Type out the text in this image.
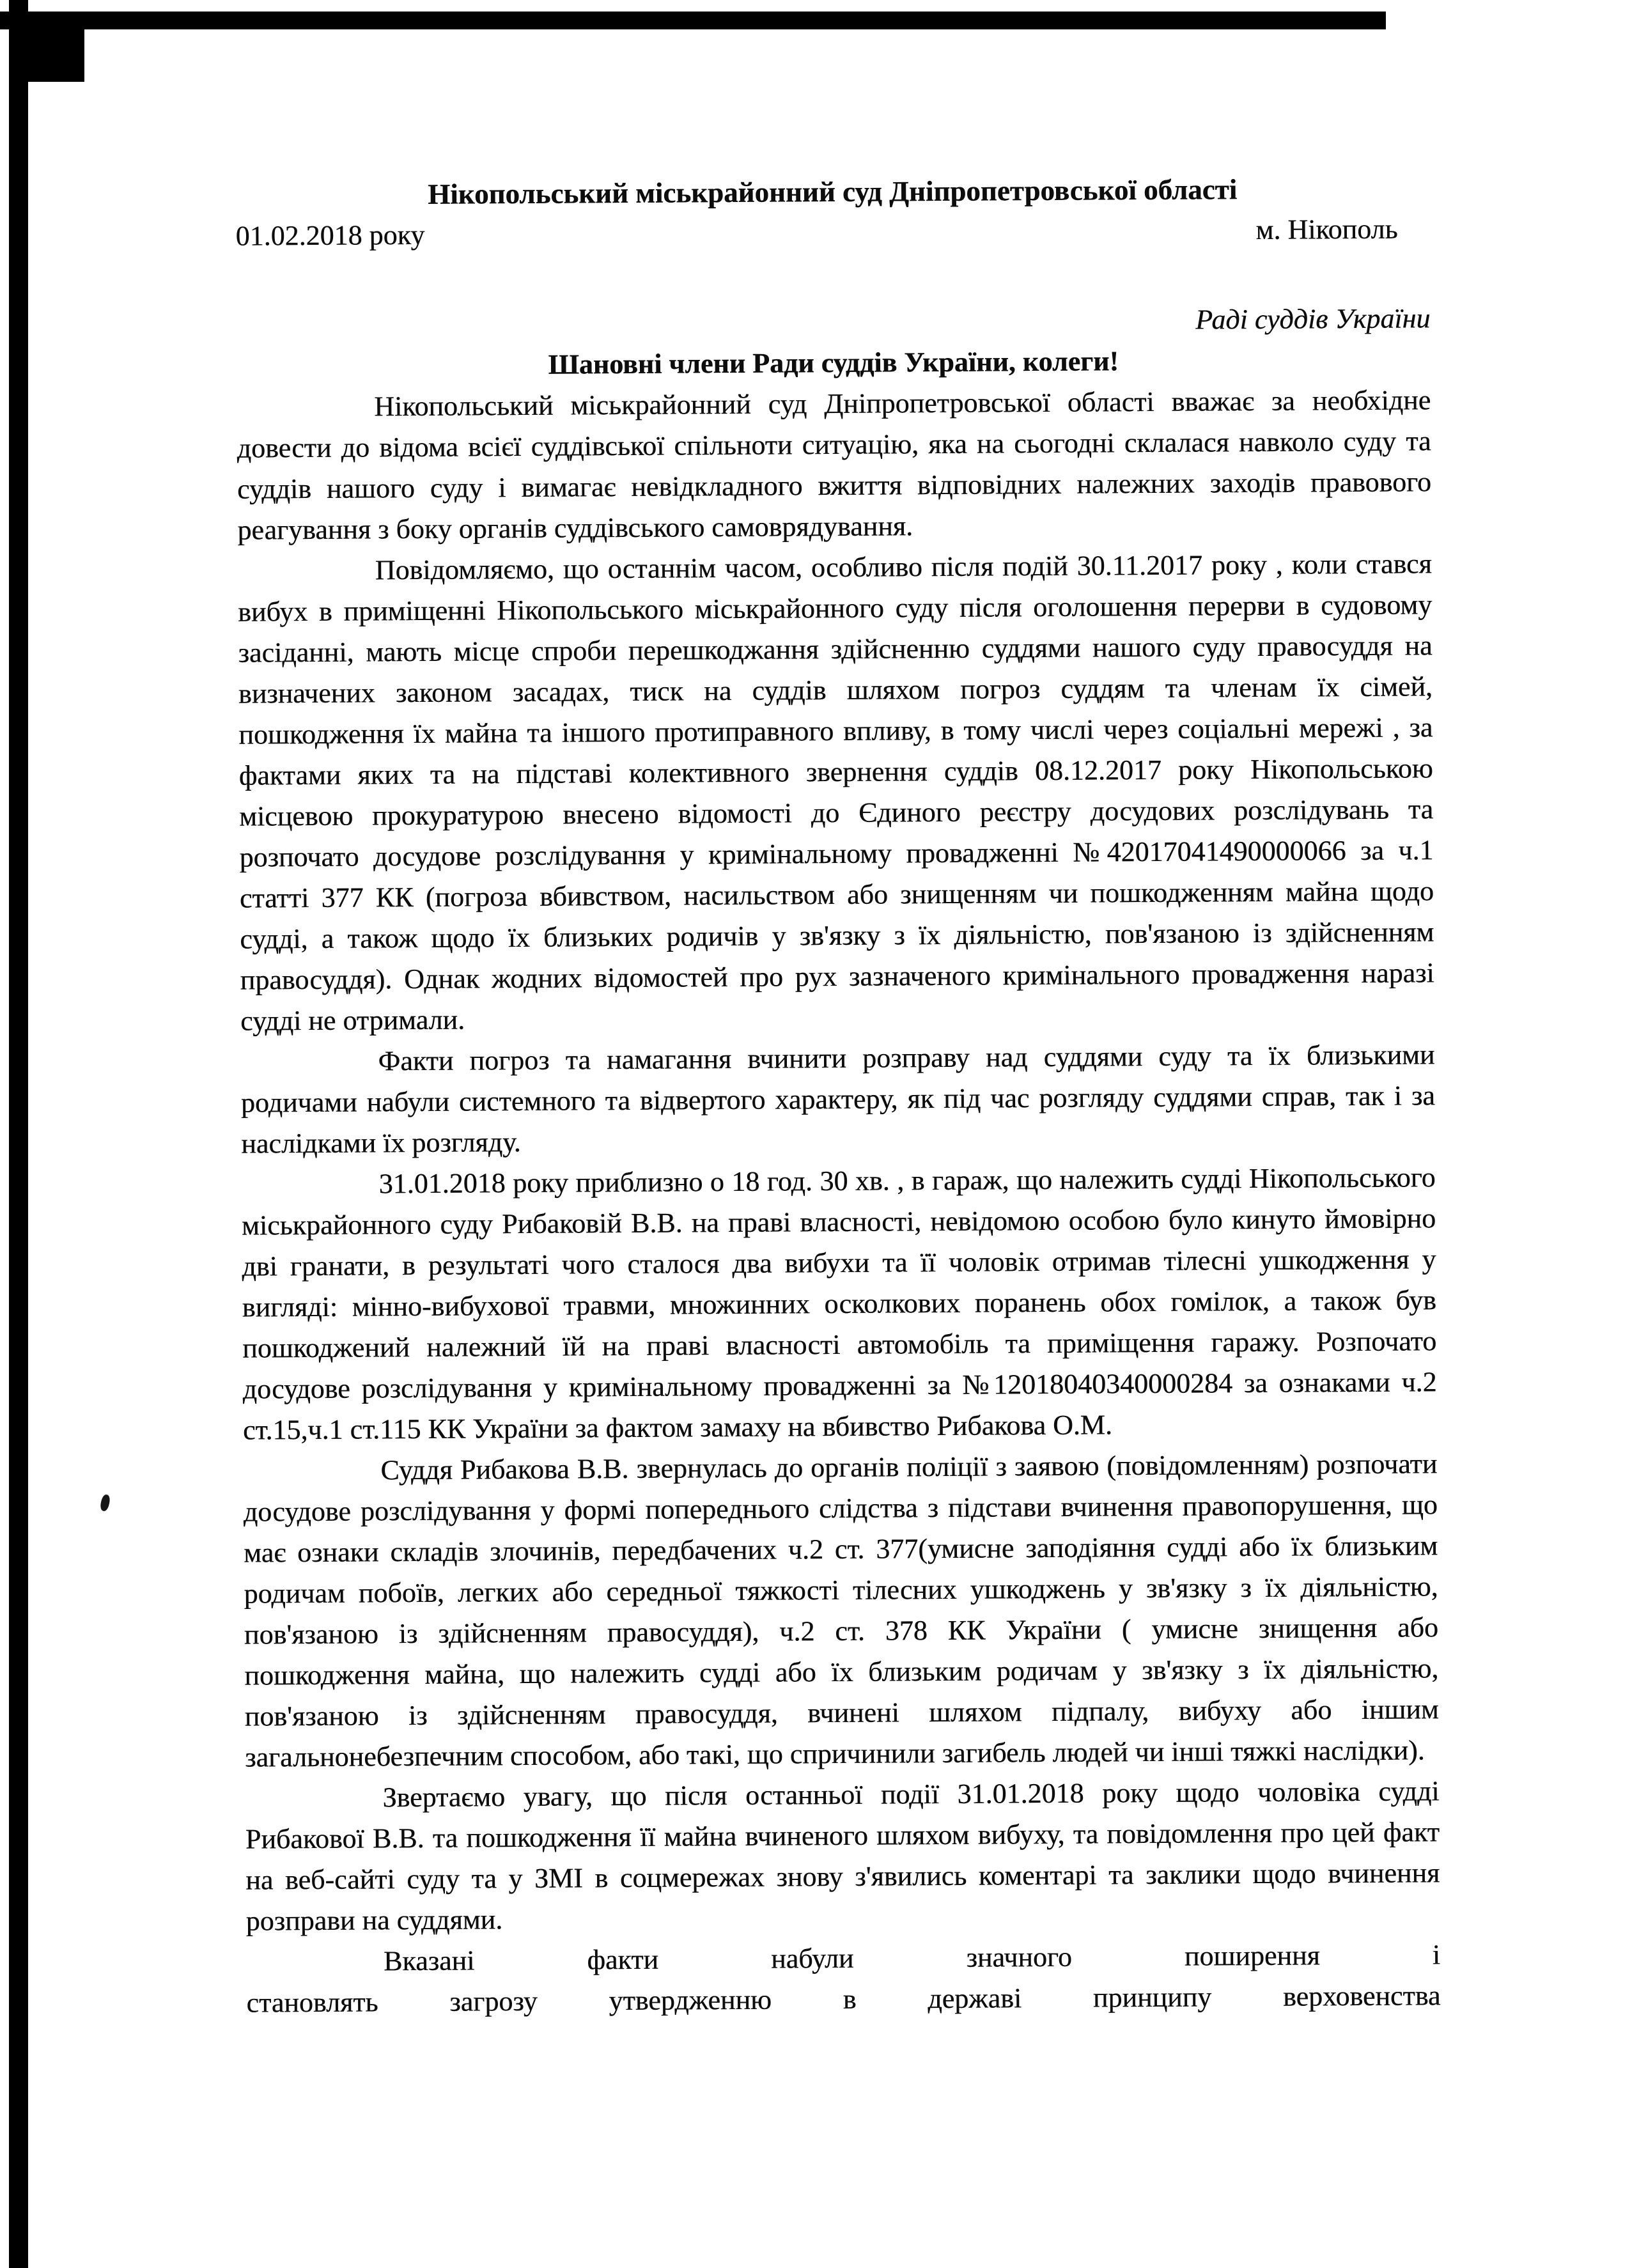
Нікопольський міськрайонний суд Дніпропетровської області
01.02.2018 року	м. Нікополь
Раді суддів України
Шановні члени Ради суддів України, колеги!

Нікопольський міськрайонний суд Дніпропетровської області вважає за необхідне довести до відома всієї суддівської спільноти ситуацію, яка на сьогодні склалася навколо суду та суддів нашого суду і вимагає невідкладного вжиття відповідних належних заходів правового реагування з боку органів суддівського самоврядування.

Повідомляємо, що останнім часом, особливо після подій 30.11.2017 року , коли стався вибух в приміщенні Нікопольського міськрайонного суду після оголошення перерви в судовому засіданні, мають місце спроби перешкоджання здійсненню суддями нашого суду правосуддя на визначених законом засадах, тиск на суддів шляхом погроз суддям та членам їх сімей, пошкодження їх майна та іншого протиправного впливу, в тому числі через соціальні мережі , за фактами яких та на підставі колективного звернення суддів 08.12.2017 року Нікопольською місцевою прокуратурою внесено відомості до Єдиного реєстру досудових розслідувань та розпочато досудове розслідування у кримінальному провадженні №42017041490000066 за ч.1 статті 377 КК (погроза вбивством, насильством або знищенням чи пошкодженням майна щодо судді, а також щодо їх близьких родичів у зв'язку з їх діяльністю, пов'язаною із здійсненням правосуддя). Однак жодних відомостей про рух зазначеного кримінального провадження наразі судді не отримали.

Факти погроз та намагання вчинити розправу над суддями суду та їх близькими родичами набули системного та відвертого характеру, як під час розгляду суддями справ, так і за наслідками їх розгляду.

31.01.2018 року приблизно о 18 год. 30 хв. , в гараж, що належить судді Нікопольського міськрайонного суду Рибаковій В.В. на праві власності, невідомою особою було кинуто ймовірно дві гранати, в результаті чого сталося два вибухи та її чоловік отримав тілесні ушкодження у вигляді: мінно-вибухової травми, множинних осколкових поранень обох гомілок, а також був пошкоджений належний їй на праві власності автомобіль та приміщення гаражу. Розпочато досудове розслідування у кримінальному провадженні за №12018040340000284 за ознаками ч.2 ст.15,ч.1 ст.115 КК України за фактом замаху на вбивство Рибакова О.М.

Суддя Рибакова В.В. звернулась до органів поліції з заявою (повідомленням) розпочати досудове розслідування у формі попереднього слідства з підстави вчинення правопорушення, що має ознаки складів злочинів, передбачених ч.2 ст. 377(умисне заподіяння судді або їх близьким родичам побоїв, легких або середньої тяжкості тілесних ушкоджень у зв'язку з їх діяльністю, пов'язаною із здійсненням правосуддя), ч.2 ст. 378 КК України ( умисне знищення або пошкодження майна, що належить судді або їх близьким родичам у зв'язку з їх діяльністю, пов'язаною із здійсненням правосуддя, вчинені шляхом підпалу, вибуху або іншим загальнонебезпечним способом, або такі, що спричинили загибель людей чи інші тяжкі наслідки).

Звертаємо увагу, що після останньої події 31.01.2018 року щодо чоловіка судді Рибакової В.В. та пошкодження її майна вчиненого шляхом вибуху, та повідомлення про цей факт на веб-сайті суду та у ЗМІ в соцмережах знову з'явились коментарі та заклики щодо вчинення розправи на суддями.

Вказані факти набули значного поширення і
становлять загрозу утвердженню в державі принципу верховенства
